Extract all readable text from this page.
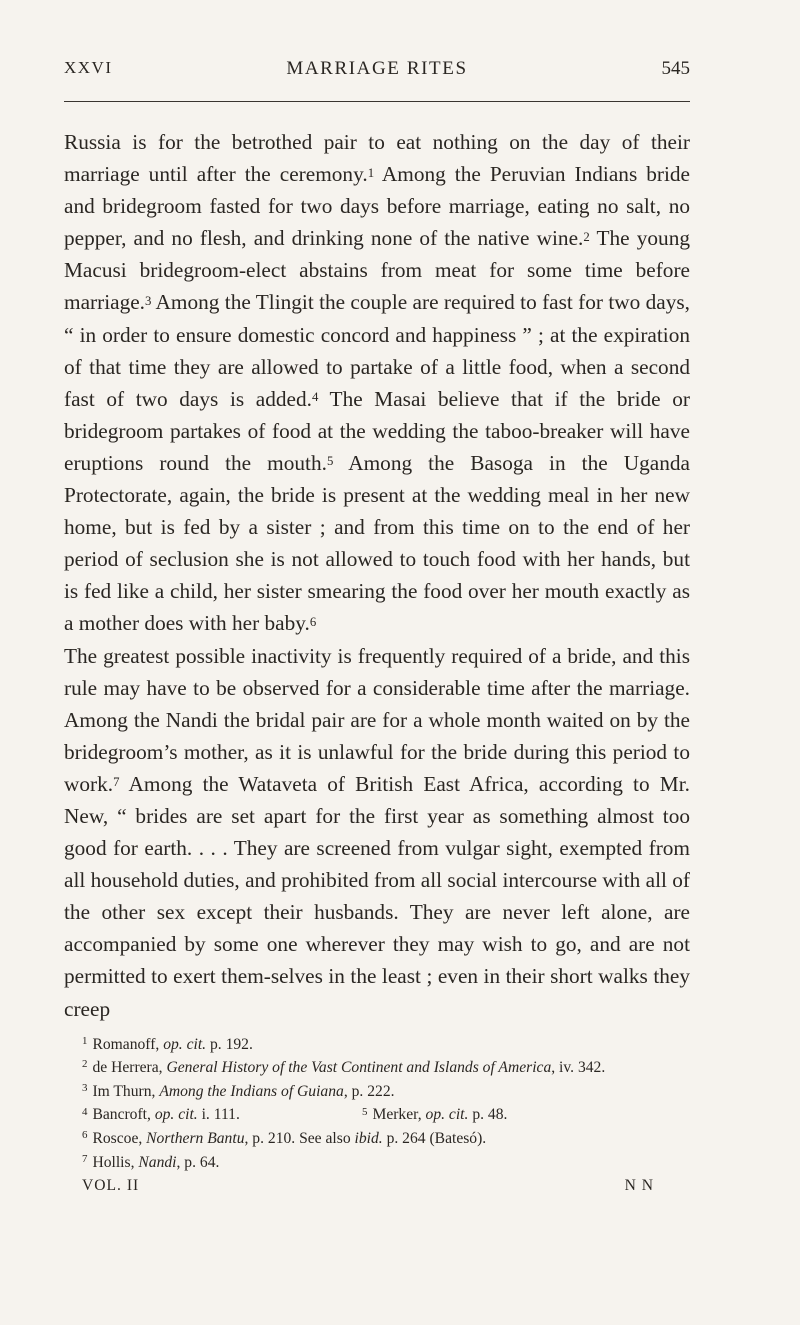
XXVI	MARRIAGE RITES	545

Russia is for the betrothed pair to eat nothing on the day of their marriage until after the ceremony.$^1$ Among the Peruvian Indians bride and bridegroom fasted for two days before marriage, eating no salt, no pepper, and no flesh, and drinking none of the native wine.$^2$ The young Macusi bridegroom-elect abstains from meat for some time before marriage.$^3$ Among the Tlingit the couple are required to fast for two days, “ in order to ensure domestic concord and happiness ” ; at the expiration of that time they are allowed to partake of a little food, when a second fast of two days is added.$^4$ The Masai believe that if the bride or bridegroom partakes of food at the wedding the taboo-breaker will have eruptions round the mouth.$^5$ Among the Basoga in the Uganda Protectorate, again, the bride is present at the wedding meal in her new home, but is fed by a sister ; and from this time on to the end of her period of seclusion she is not allowed to touch food with her hands, but is fed like a child, her sister smearing the food over her mouth exactly as a mother does with her baby.$^6$

The greatest possible inactivity is frequently required of a bride, and this rule may have to be observed for a considerable time after the marriage. Among the Nandi the bridal pair are for a whole month waited on by the bridegroom’s mother, as it is unlawful for the bride during this period to work.$^7$ Among the Wataveta of British East Africa, according to Mr. New, “ brides are set apart for the first year as something almost too good for earth. . . . They are screened from vulgar sight, exempted from all household duties, and prohibited from all social intercourse with all of the other sex except their husbands. They are never left alone, are accompanied by some one wherever they may wish to go, and are not permitted to exert them-selves in the least ; even in their short walks they creep

$^1$ Romanoff, op. cit. p. 192.
$^2$ de Herrera, General History of the Vast Continent and Islands of America, iv. 342.
$^3$ Im Thurn, Among the Indians of Guiana, p. 222.
$^4$ Bancroft, op. cit. i. 111.	$^5$ Merker, op. cit. p. 48.
$^6$ Roscoe, Northern Bantu, p. 210. See also ibid. p. 264 (Batesó).
$^7$ Hollis, Nandi, p. 64.
VOL. II	N N
